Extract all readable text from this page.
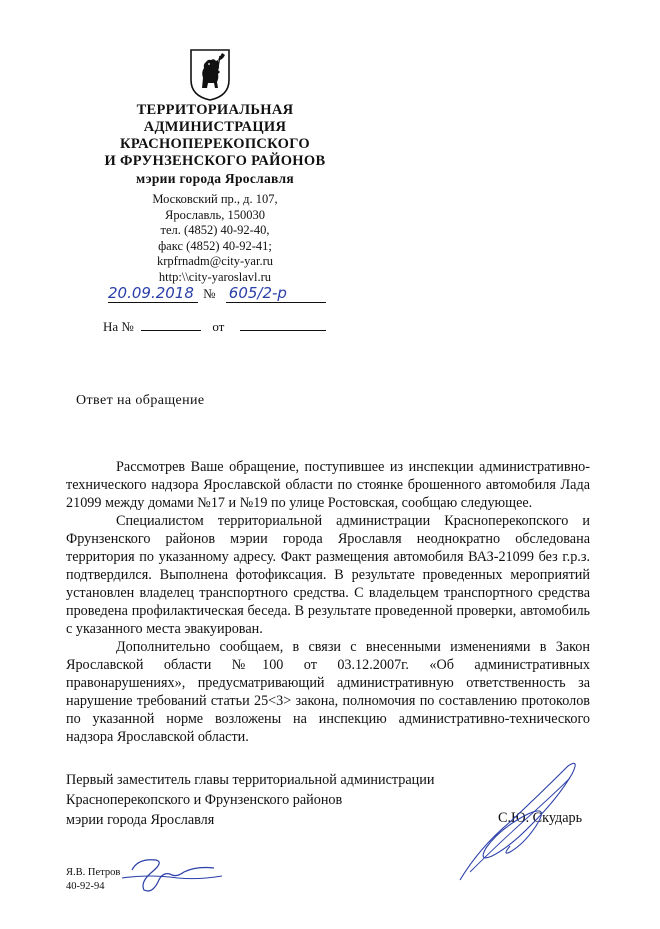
ТЕРРИТОРИАЛЬНАЯ
АДМИНИСТРАЦИЯ
КРАСНОПЕРЕКОПСКОГО
И ФРУНЗЕНСКОГО РАЙОНОВ
мэрии города Ярославля
Московский пр., д. 107,
Ярославль, 150030
тел. (4852) 40-92-40,
факс (4852) 40-92-41;
krpfrnadm@city-yar.ru
http:\\city-yaroslavl.ru
20.09.2018 № 605/2-р
На №	от
Ответ на обращение

Рассмотрев Ваше обращение, поступившее из инспекции административно-технического надзора Ярославской области по стоянке брошенного автомобиля Лада 21099 между домами №17 и №19 по улице Ростовская, сообщаю следующее.

Специалистом территориальной администрации Красноперекопского и Фрунзенского районов мэрии города Ярославля неоднократно обследована территория по указанному адресу. Факт размещения автомобиля ВАЗ-21099 без г.р.з. подтвердился. Выполнена фотофиксация. В результате проведенных мероприятий установлен владелец транспортного средства. С владельцем транспортного средства проведена профилактическая беседа. В результате проведенной проверки, автомобиль с указанного места эвакуирован.

Дополнительно сообщаем, в связи с внесенными изменениями в Закон Ярославской области №100 от 03.12.2007г. «Об административных правонарушениях», предусматривающий административную ответственность за нарушение требований статьи 25<3> закона, полномочия по составлению протоколов по указанной норме возложены на инспекцию административно-технического надзора Ярославской области.

Первый заместитель главы территориальной администрации
Красноперекопского и Фрунзенского районов
мэрии города Ярославля	С.Ю. Скударь
Я.В. Петров
40-92-94
